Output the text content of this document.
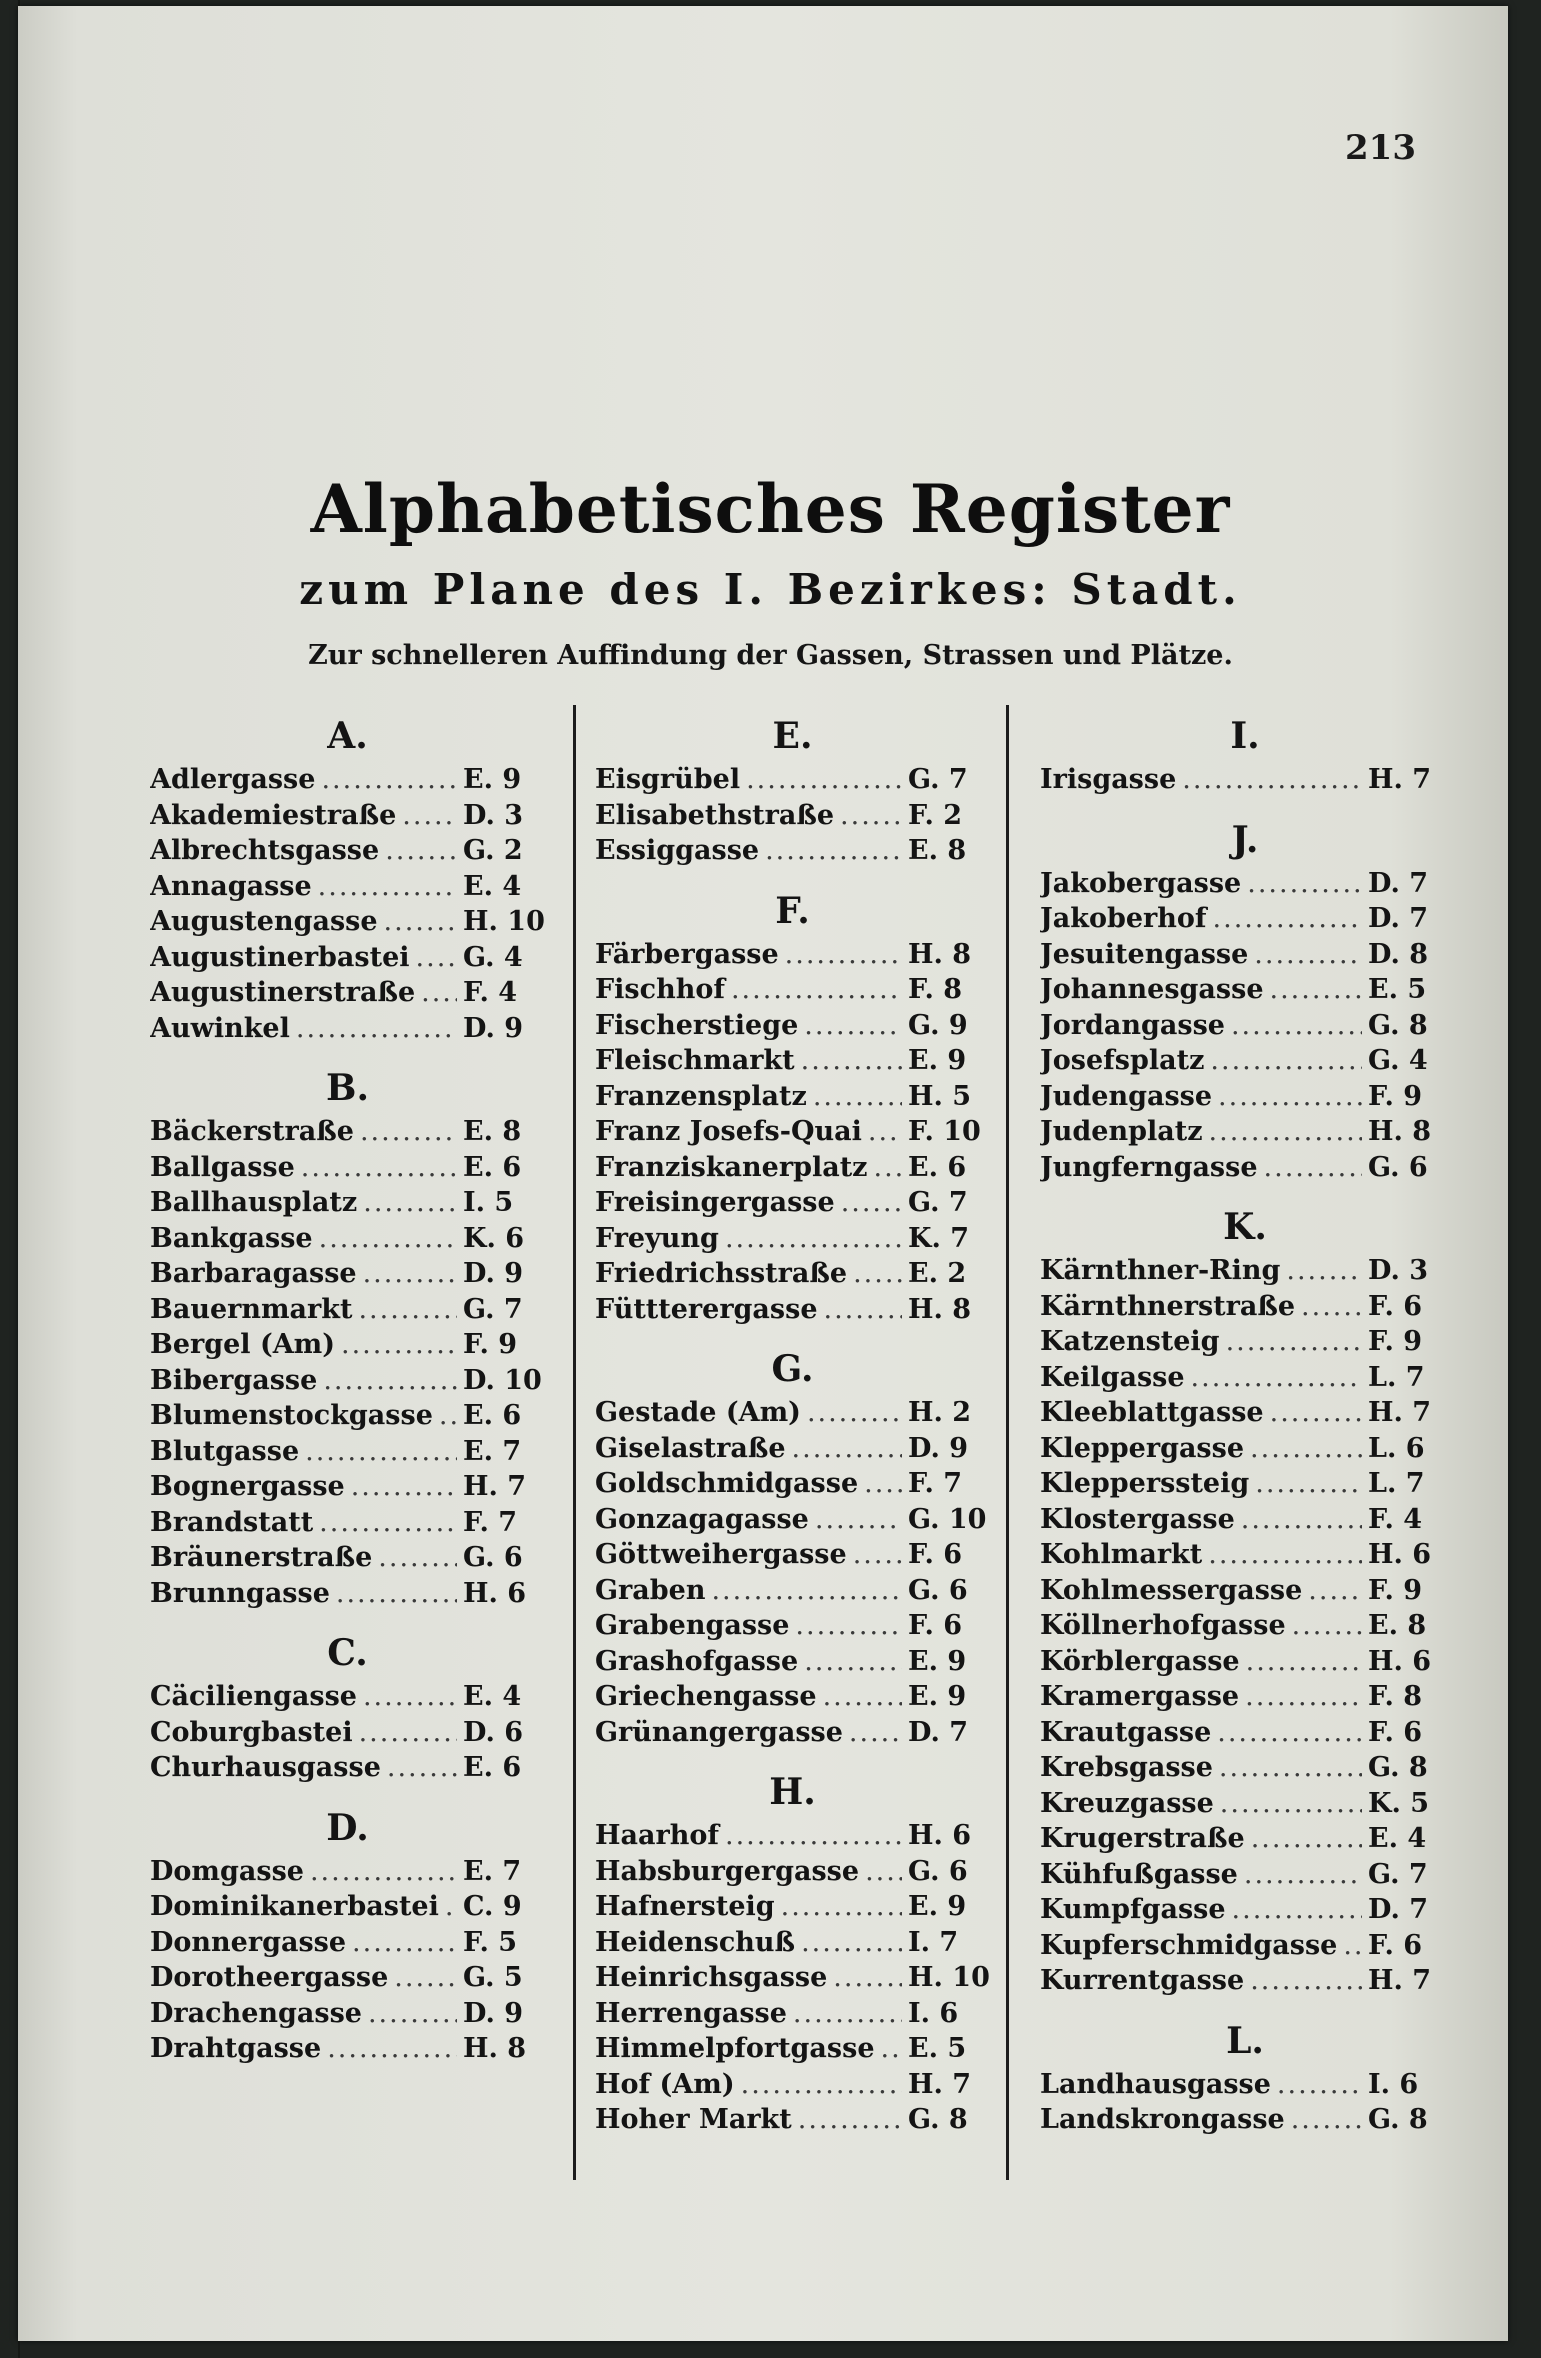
213
Alphabetisches Register
zum Plane des I. Bezirkes: Stadt.
Zur schnelleren Auffindung der Gassen, Strassen und Plätze.
A.
Adlergasse .....	E. 9
Akademiestraße ..... D. 3
Albrechtsgasse .....	G. 2
Annagasse .....	E. 4
Augustengasse .....	H. 10
Augustinerbastei ..... G. 4
Augustinerstraße ..... F. 4
Auwinkel .....	D. 9
B.
Bäckerstraße .....	E. 8
Ballgasse .....	E. 6
Ballhausplatz .....	I. 5
Bankgasse .....	K. 6
Barbaragasse .....	D. 9
Bauernmarkt .....	G. 7
Bergel (Am) .....	F. 9
Bibergasse .....	D. 10
Blumenstockgasse ..... E. 6
Blutgasse .....	E. 7
Bognergasse .....	H. 7
Brandstatt .....	F. 7
Bräunerstraße .....	G. 6
Brunngasse .....	H. 6
C.
Cäciliengasse .....	E. 4
Coburgbastei .....	D. 6
Churhausgasse .....	E. 6
D.
Domgasse .....	E. 7
Dominikanerbastei ..... C. 9
Donnergasse .....	F. 5
Dorotheergasse .....	G. 5
Drachengasse .....	D. 9
Drahtgasse .....	H. 8
E.
Eisgrübel .....	G. 7
Elisabethstraße .....	F. 2
Essiggasse .....	E. 8
F.
Färbergasse .....	H. 8
Fischhof .....	F. 8
Fischerstiege .....	G. 9
Fleischmarkt .....	E. 9
Franzensplatz .....	H. 5
Franz Josefs-Quai ..... F. 10
Franziskanerplatz ..... E. 6
Freisingergasse .....	G. 7
Freyung .....	K. 7
Friedrichsstraße ..... E. 2
Füttterergasse .....	H. 8
G.
Gestade (Am) .....	H. 2
Giselastraße .....	D. 9
Goldschmidgasse ..... F. 7
Gonzagagasse .....	G. 10
Göttweihergasse ..... F. 6
Graben .....	G. 6
Grabengasse .....	F. 6
Grashofgasse .....	E. 9
Griechengasse .....	E. 9
Grünangergasse ..... D. 7
H.
Haarhof .....	H. 6
Habsburgergasse ..... G. 6
Hafnersteig .....	E. 9
Heidenschuß .....	I. 7
Heinrichsgasse .....	H. 10
Herrengasse .....	I. 6
Himmelpfortgasse ..... E. 5
Hof (Am) .....	H. 7
Hoher Markt .....	G. 8
I.
Irisgasse .....	H. 7
J.
Jakobergasse .....	D. 7
Jakoberhof .....	D. 7
Jesuitengasse .....	D. 8
Johannesgasse .....	E. 5
Jordangasse .....	G. 8
Josefsplatz .....	G. 4
Judengasse .....	F. 9
Judenplatz .....	H. 8
Jungferngasse .....	G. 6
K.
Kärnthner-Ring .....	D. 3
Kärnthnerstraße .....	F. 6
Katzensteig .....	F. 9
Keilgasse .....	L. 7
Kleeblattgasse .....	H. 7
Kleppergasse .....	L. 6
Klepperssteig .....	L. 7
Klostergasse .....	F. 4
Kohlmarkt .....	H. 6
Kohlmessergasse ..... F. 9
Köllnerhofgasse .....	E. 8
Körblergasse .....	H. 6
Kramergasse .....	F. 8
Krautgasse .....	F. 6
Krebsgasse .....	G. 8
Kreuzgasse .....	K. 5
Krugerstraße .....	E. 4
Kühfußgasse .....	G. 7
Kumpfgasse .....	D. 7
Kupferschmidgasse ..... F. 6
Kurrentgasse .....	H. 7
L.
Landhausgasse .....	I. 6
Landskrongasse .....	G. 8
